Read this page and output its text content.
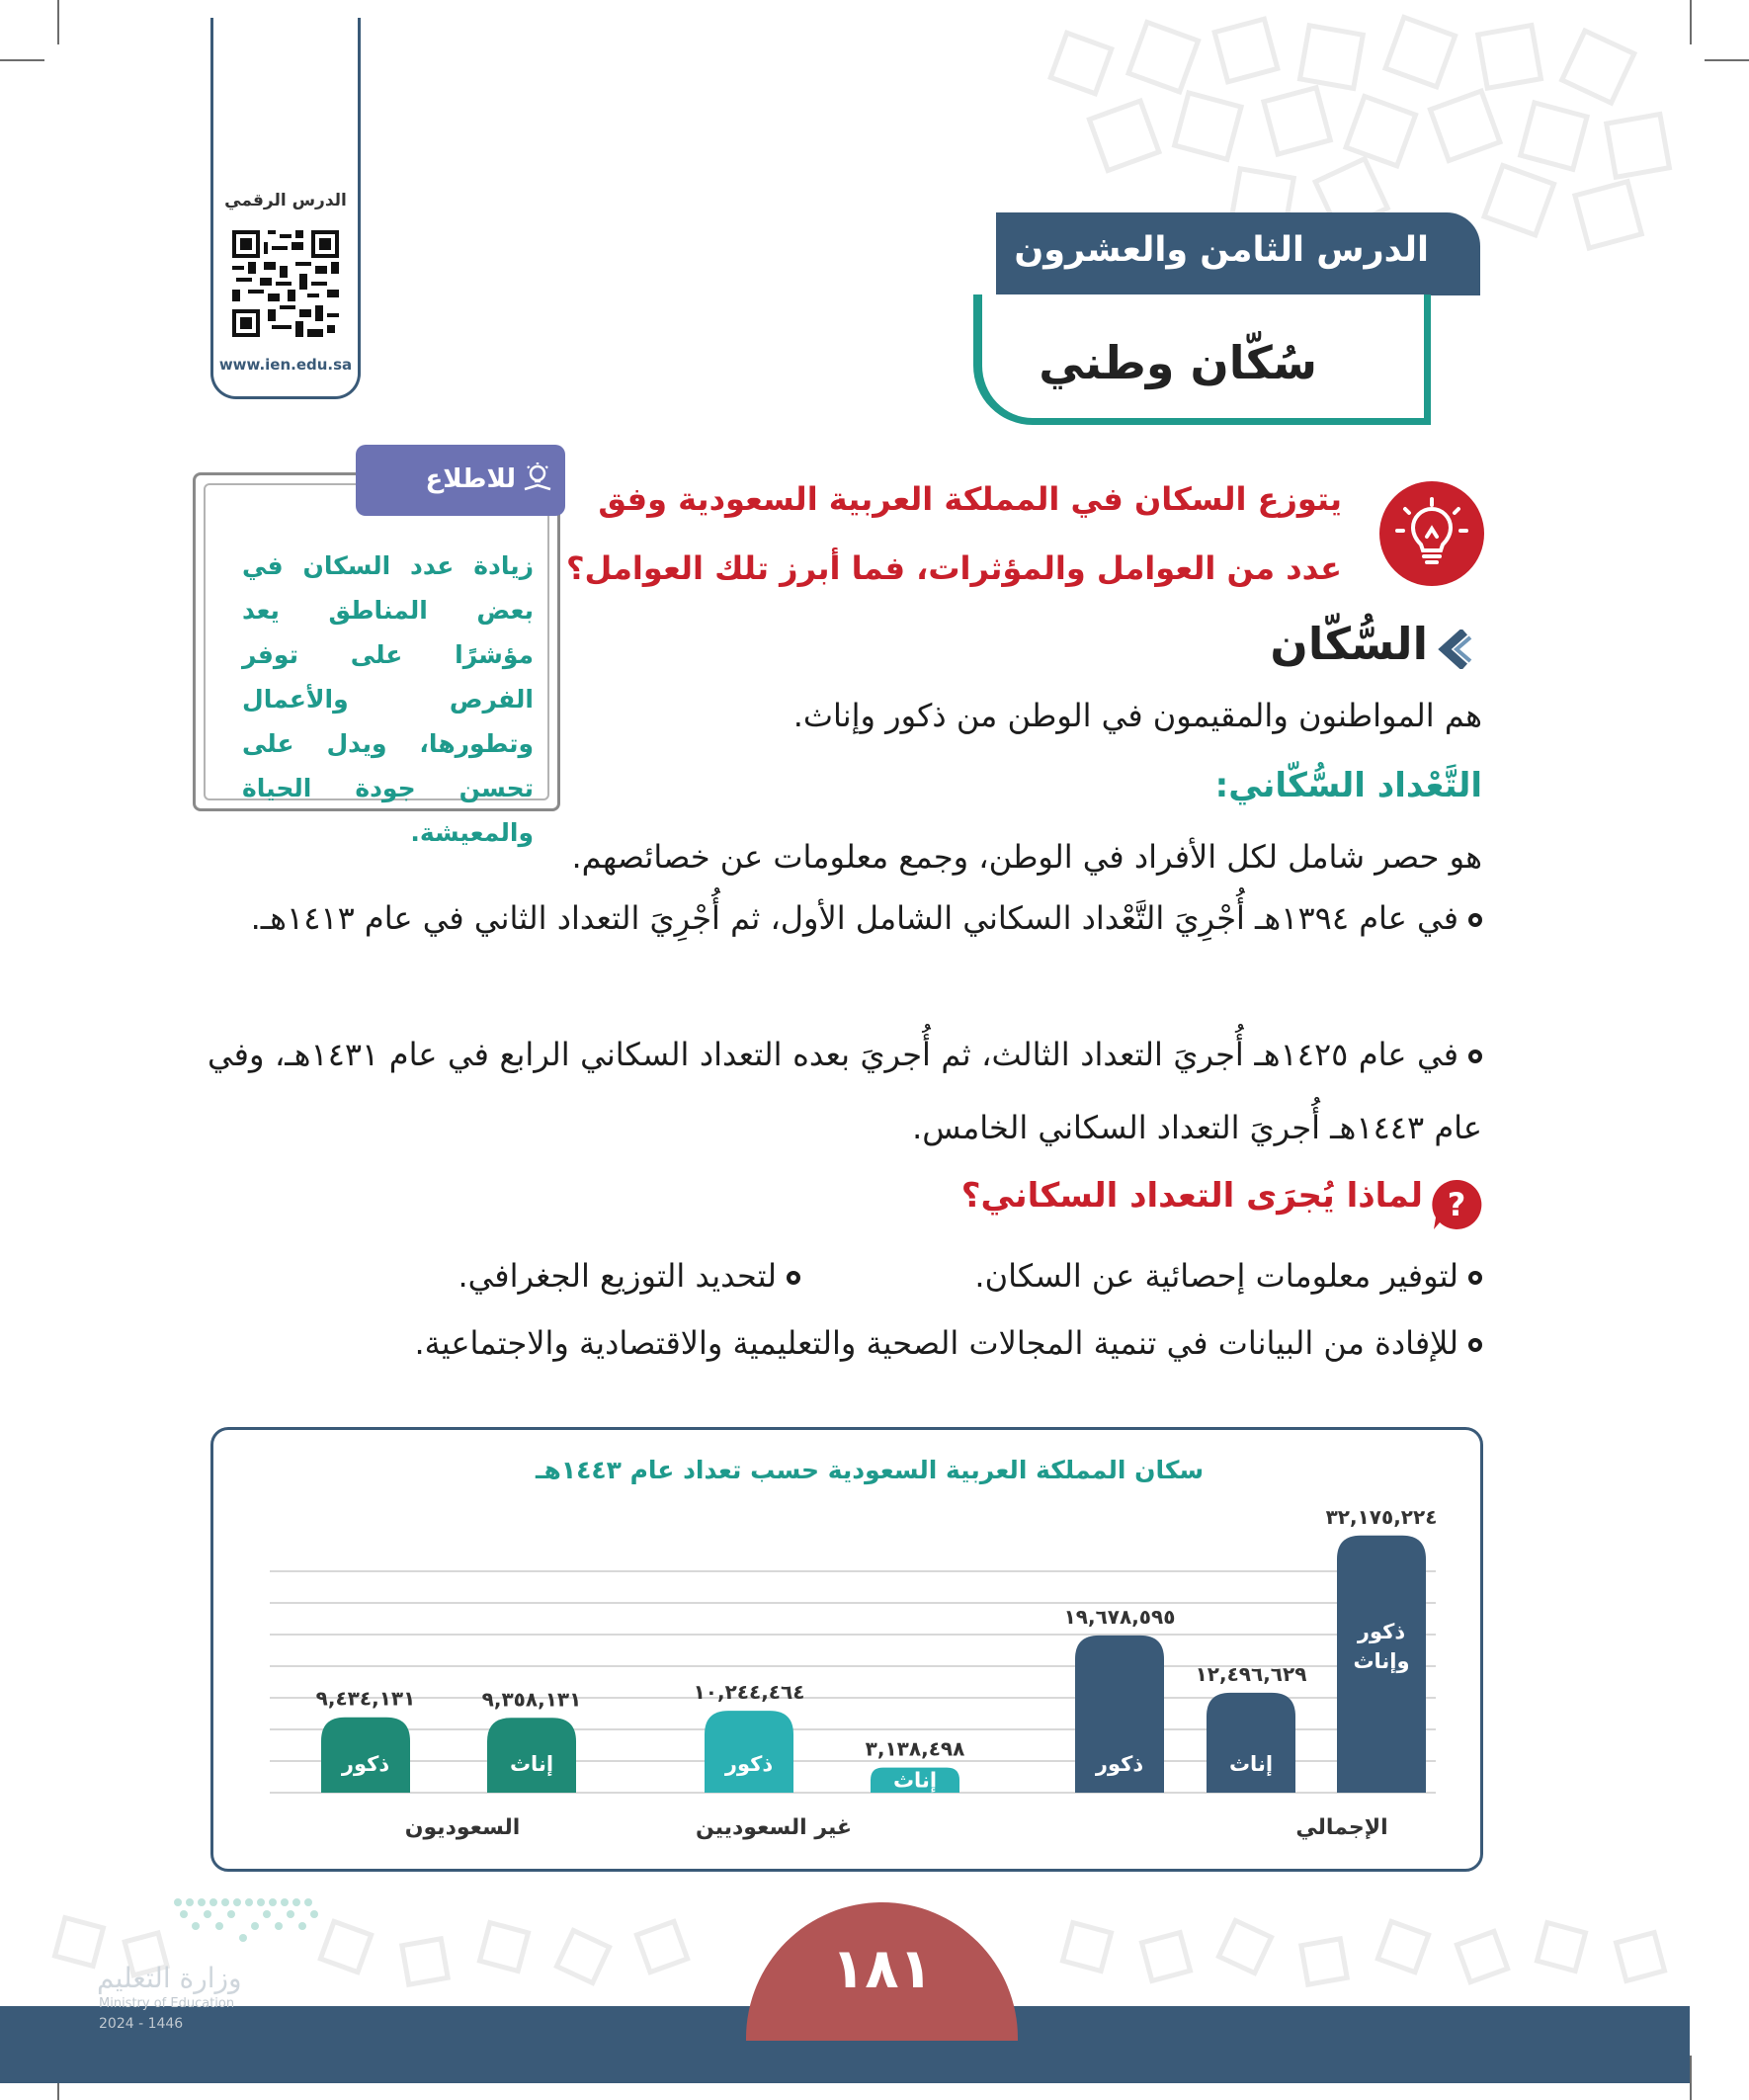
الدرس الرقمي
www.ien.edu.sa
الدرس الثامن والعشرون
سُكّان وطني
للاطلاع
زيادة عدد السكان في بعض المناطق يعد مؤشرًا على توفر الفرص والأعمال وتطورها، ويدل على تحسن جودة الحياة والمعيشة.
يتوزع السكان في المملكة العربية السعودية وفق عدد من العوامل والمؤثرات، فما أبرز تلك العوامل؟
السُّكّان
هم المواطنون والمقيمون في الوطن من ذكور وإناث.
التَّعْداد السُّكّاني:
هو حصر شامل لكل الأفراد في الوطن، وجمع معلومات عن خصائصهم.
في عام ١٣٩٤هـ أُجْرِيَ التَّعْداد السكاني الشامل الأول، ثم أُجْرِيَ التعداد الثاني في عام ١٤١٣هـ.
في عام ١٤٢٥هـ أُجريَ التعداد الثالث، ثم أُجريَ بعده التعداد السكاني الرابع في عام ١٤٣١هـ، وفي عام ١٤٤٣هـ أُجريَ التعداد السكاني الخامس.
?
لماذا يُجرَى التعداد السكاني؟
لتوفير معلومات إحصائية عن السكان.
لتحديد التوزيع الجغرافي.
للإفادة من البيانات في تنمية المجالات الصحية والتعليمية والاقتصادية والاجتماعية.
سكان المملكة العربية السعودية حسب تعداد عام ١٤٤٣هـ
٣٢,١٧٥,٢٢٤
ذكور
وإناث
١٢,٤٩٦,٦٢٩
إناث
١٩,٦٧٨,٥٩٥
ذكور
الإجمالي
٣,١٣٨,٤٩٨
إناث
١٠,٢٤٤,٤٦٤
ذكور
غير السعوديين
٩,٣٥٨,١٣١
إناث
٩,٤٣٤,١٣١
ذكور
السعوديون
١٨١
وزارة التعليم
Ministry of Education
2024 - 1446
